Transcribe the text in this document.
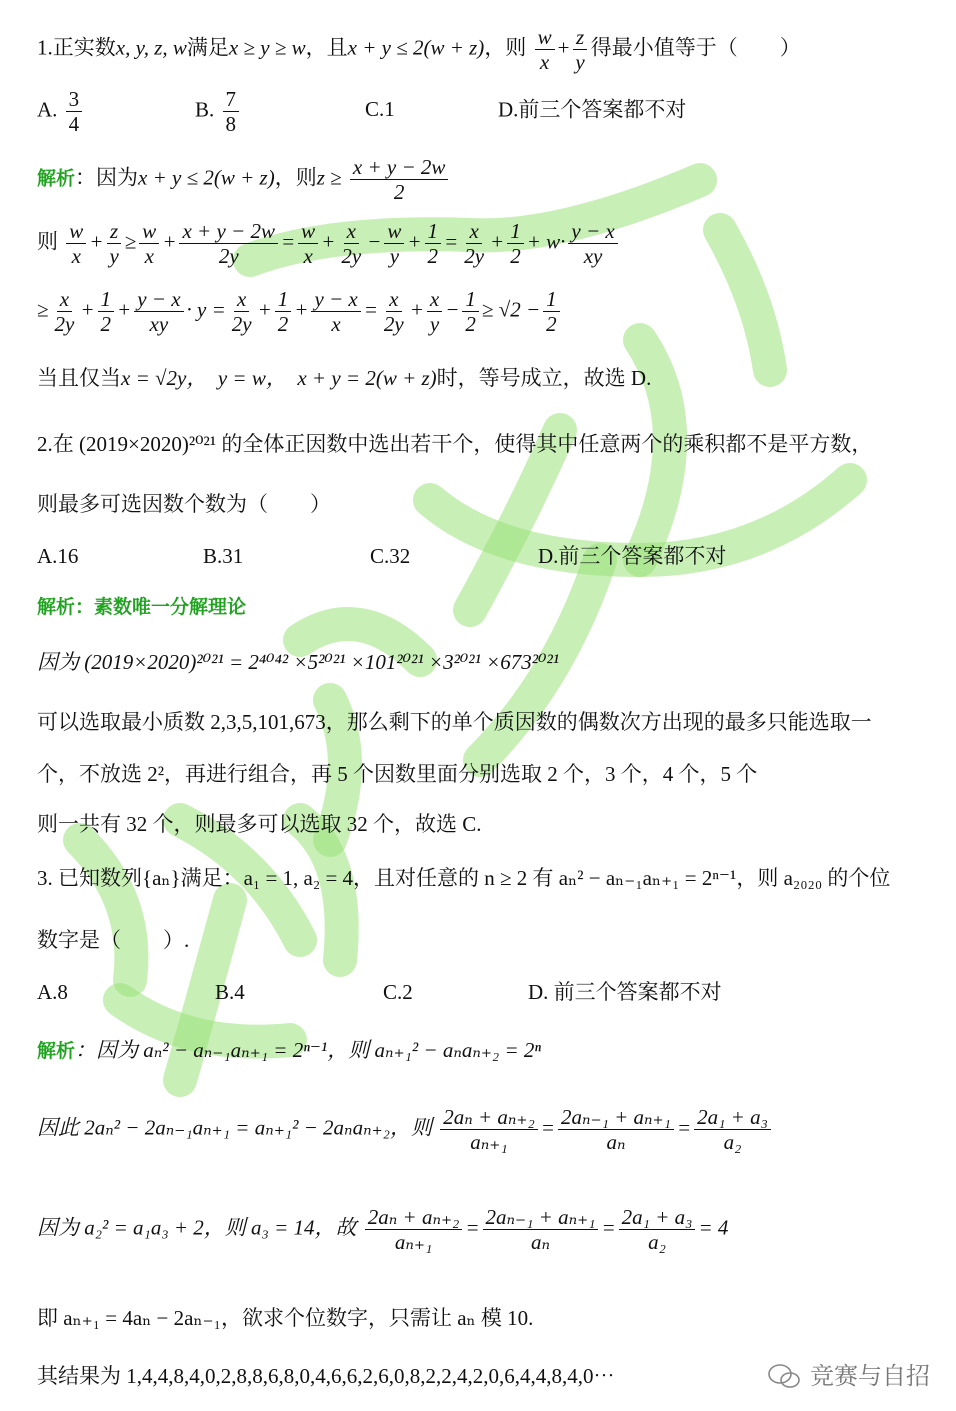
1.正实数x, y, z, w满足x ≥ y ≥ w，且x + y ≤ 2(w + z)，则 $\frac{w}{x} + \frac{z}{y}$ 得最小值等于（　　）
A. $\frac{3}{4}$	B. $\frac{7}{8}$	C.1	D.前三个答案都不对
解析：因为x + y ≤ 2(w + z)，则$z \ge \frac{x + y - 2w}{2}$
则 $\frac{w}{x} + \frac{z}{y} \ge \frac{w}{x} + \frac{x + y - 2w}{2y} = \frac{w}{x} + \frac{x}{2y} - \frac{w}{y} + \frac{1}{2} = \frac{x}{2y} + \frac{1}{2} + w\cdot \frac{y - x}{xy}$
≥ $\frac{x}{2y} + \frac{1}{2} + \frac{y - x}{xy} \cdot y = \frac{x}{2y} + \frac{1}{2} + \frac{y - x}{x} = \frac{x}{2y} + \frac{x}{y} - \frac{1}{2} \ge √2 - \frac{1}{2}$
当且仅当x = √2y，　y = w，　x + y = 2(w + z)时，等号成立，故选 D.
2.在 (2019×2020)²⁰²¹ 的全体正因数中选出若干个，使得其中任意两个的乘积都不是平方数，
则最多可选因数个数为（　　）
A.16	B.31	C.32	D.前三个答案都不对
解析：素数唯一分解理论
因为 (2019×2020)²⁰²¹ = 2⁴⁰⁴² ×5²⁰²¹ ×101²⁰²¹ ×3²⁰²¹ ×673²⁰²¹
可以选取最小质数 2,3,5,101,673，那么剩下的单个质因数的偶数次方出现的最多只能选取一
个，不放选 2²，再进行组合，再 5 个因数里面分别选取 2 个，3 个，4 个，5 个
则一共有 32 个，则最多可以选取 32 个，故选 C.
3. 已知数列{aₙ}满足：a₁ = 1, a₂ = 4，且对任意的 n ≥ 2 有 aₙ² − aₙ₋₁aₙ₊₁ = 2ⁿ⁻¹，则 a₂₀₂₀ 的个位
数字是（　　）.
A.8	B.4	C.2	D. 前三个答案都不对
解析：因为 aₙ² − aₙ₋₁aₙ₊₁ = 2ⁿ⁻¹，则 aₙ₊₁² − aₙaₙ₊₂ = 2ⁿ
因此 2aₙ² − 2aₙ₋₁aₙ₊₁ = aₙ₊₁² − 2aₙaₙ₊₂，则 $\frac{\text{2aₙ + aₙ₊₂}}{\text{aₙ₊₁}} = \frac{\text{2aₙ₋₁ + aₙ₊₁}}{\text{aₙ}} = \frac{\text{2a₁ + a₃}}{\text{a₂}}$
因为 a₂² = a₁a₃ + 2，则 a₃ = 14，故 $\frac{\text{2aₙ + aₙ₊₂}}{\text{aₙ₊₁}} = \frac{\text{2aₙ₋₁ + aₙ₊₁}}{\text{aₙ}} = \frac{\text{2a₁ + a₃}}{\text{a₂}} = 4$
即 aₙ₊₁ = 4aₙ − 2aₙ₋₁，欲求个位数字，只需让 aₙ 模 10.
其结果为 1,4,4,8,4,0,2,8,8,6,8,0,4,6,6,2,6,0,8,2,2,4,2,0,6,4,4,8,4,0⋯	竞赛与自招
